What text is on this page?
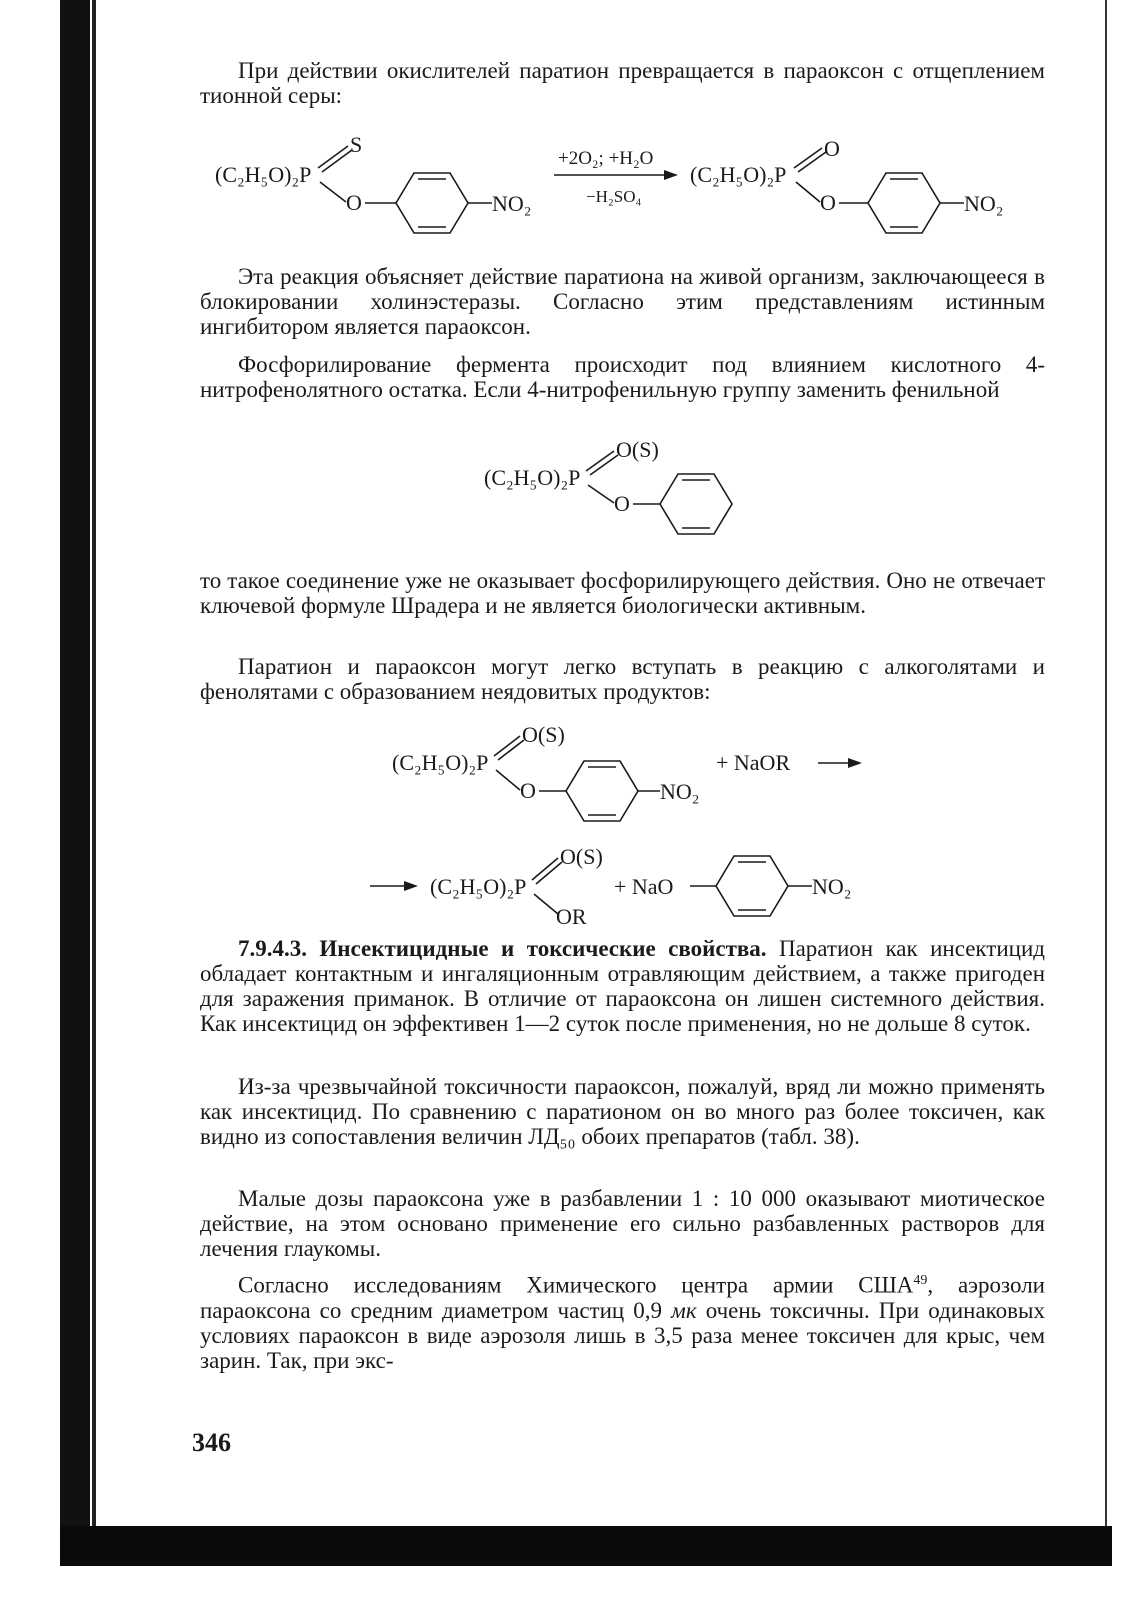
При действии окислителей паратион превращается в параоксон с отщеплением тионной серы:

(C₂H₅O)₂P
S
O	NO₂
+2O₂; +H₂O
−H₂SO₄
(C₂H₅O)₂P
O
O	NO₂

Эта реакция объясняет действие паратиона на живой организм, заключающееся в блокировании холинэстеразы. Согласно этим представлениям истинным ингибитором является параоксон.

Фосфорилирование фермента происходит под влиянием кислотного 4-нитрофенолятного остатка. Если 4-нитрофенильную группу заменить фенильной

(C₂H₅O)₂P
O(S)
O

то такое соединение уже не оказывает фосфорилирующего действия. Оно не отвечает ключевой формуле Шрадера и не является биологически активным.

Паратион и параоксон могут легко вступать в реакцию с алкоголятами и фенолятами с образованием неядовитых продуктов:

(C₂H₅O)₂P
O(S)
O	NO₂
+ NaOR
(C₂H₅O)₂P
O(S)
OR
+ NaO	NO₂

7.9.4.3. Инсектицидные и токсические свойства. Паратион как инсектицид обладает контактным и ингаляционным отравляющим действием, а также пригоден для заражения приманок. В отличие от параоксона он лишен системного действия. Как инсектицид он эффективен 1—2 суток после применения, но не дольше 8 суток.

Из-за чрезвычайной токсичности параоксон, пожалуй, вряд ли можно применять как инсектицид. По сравнению с паратионом он во много раз более токсичен, как видно из сопоставления величин ЛД₅₀ обоих препаратов (табл. 38).

Малые дозы параоксона уже в разбавлении 1 : 10 000 оказывают миотическое действие, на этом основано применение его сильно разбавленных растворов для лечения глаукомы.

Согласно исследованиям Химического центра армии США$^{49}$, аэрозоли параоксона со средним диаметром частиц 0,9 мк очень токсичны. При одинаковых условиях параоксон в виде аэрозоля лишь в 3,5 раза менее токсичен для крыс, чем зарин. Так, при экс-

346
